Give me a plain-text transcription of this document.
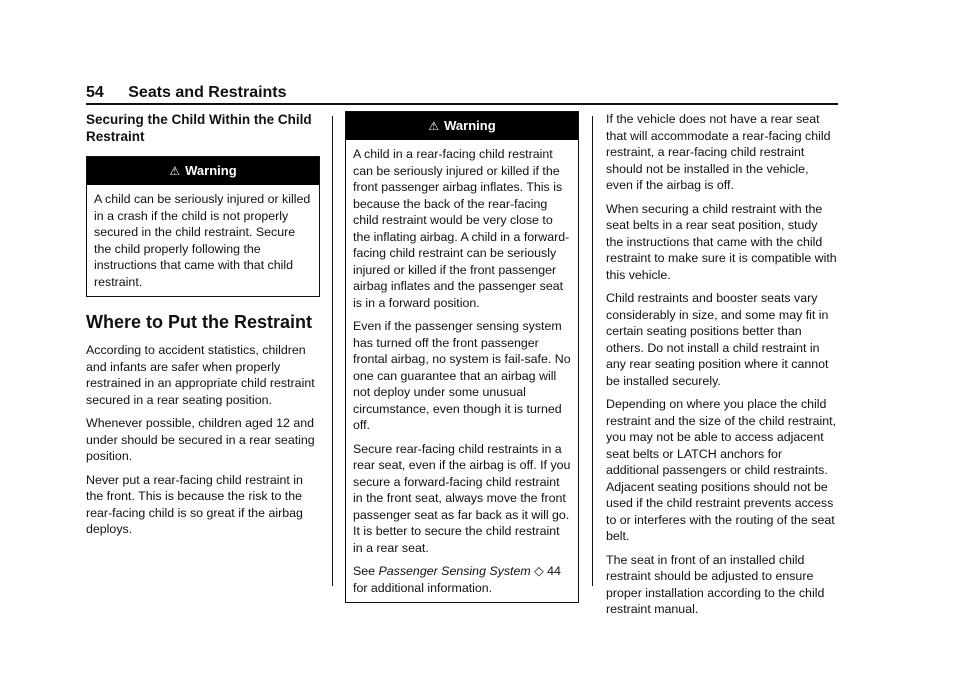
54 Seats and Restraints
Securing the Child Within the Child Restraint
⚠ Warning

A child can be seriously injured or killed in a crash if the child is not properly secured in the child restraint. Secure the child properly following the instructions that came with that child restraint.

Where to Put the Restraint

According to accident statistics, children and infants are safer when properly restrained in an appropriate child restraint secured in a rear seating position.

Whenever possible, children aged 12 and under should be secured in a rear seating position.

Never put a rear-facing child restraint in the front. This is because the risk to the rear-facing child is so great if the airbag deploys.

⚠ Warning

A child in a rear-facing child restraint can be seriously injured or killed if the front passenger airbag inflates. This is because the back of the rear-facing child restraint would be very close to the inflating airbag. A child in a forward-facing child restraint can be seriously injured or killed if the front passenger airbag inflates and the passenger seat is in a forward position.

Even if the passenger sensing system has turned off the front passenger frontal airbag, no system is fail-safe. No one can guarantee that an airbag will not deploy under some unusual circumstance, even though it is turned off.

Secure rear-facing child restraints in a rear seat, even if the airbag is off. If you secure a forward-facing child restraint in the front seat, always move the front passenger seat as far back as it will go. It is better to secure the child restraint in a rear seat.

See Passenger Sensing System ◇ 44 for additional information.

If the vehicle does not have a rear seat that will accommodate a rear-facing child restraint, a rear-facing child restraint should not be installed in the vehicle, even if the airbag is off.

When securing a child restraint with the seat belts in a rear seat position, study the instructions that came with the child restraint to make sure it is compatible with this vehicle.

Child restraints and booster seats vary considerably in size, and some may fit in certain seating positions better than others. Do not install a child restraint in any rear seating position where it cannot be installed securely.

Depending on where you place the child restraint and the size of the child restraint, you may not be able to access adjacent seat belts or LATCH anchors for additional passengers or child restraints. Adjacent seating positions should not be used if the child restraint prevents access to or interferes with the routing of the seat belt.

The seat in front of an installed child restraint should be adjusted to ensure proper installation according to the child restraint manual.
